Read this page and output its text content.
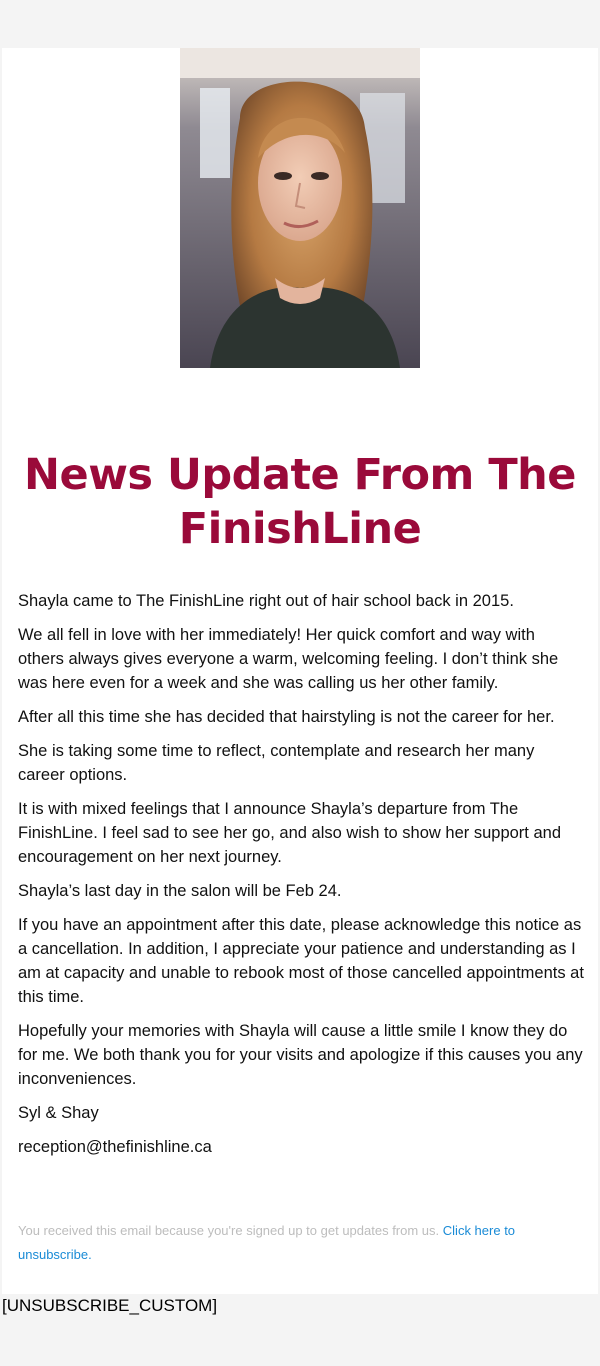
News Update From The FinishLine

Shayla came to The FinishLine right out of hair school back in 2015.

We all fell in love with her immediately! Her quick comfort and way with others always gives everyone a warm, welcoming feeling. I don’t think she was here even for a week and she was calling us her other family.

After all this time she has decided that hairstyling is not the career for her.

She is taking some time to reflect, contemplate and research her many career options.

It is with mixed feelings that I announce Shayla’s departure from The FinishLine. I feel sad to see her go, and also wish to show her support and encouragement on her next journey.

Shayla’s last day in the salon will be Feb 24.

If you have an appointment after this date, please acknowledge this notice as a cancellation. In addition, I appreciate your patience and understanding as I am at capacity and unable to rebook most of those cancelled appointments at this time.

Hopefully your memories with Shayla will cause a little smile I know they do for me. We both thank you for your visits and apologize if this causes you any inconveniences.

Syl & Shay

reception@thefinishline.ca

You received this email because you're signed up to get updates from us. Click here to unsubscribe.
[UNSUBSCRIBE_CUSTOM]
